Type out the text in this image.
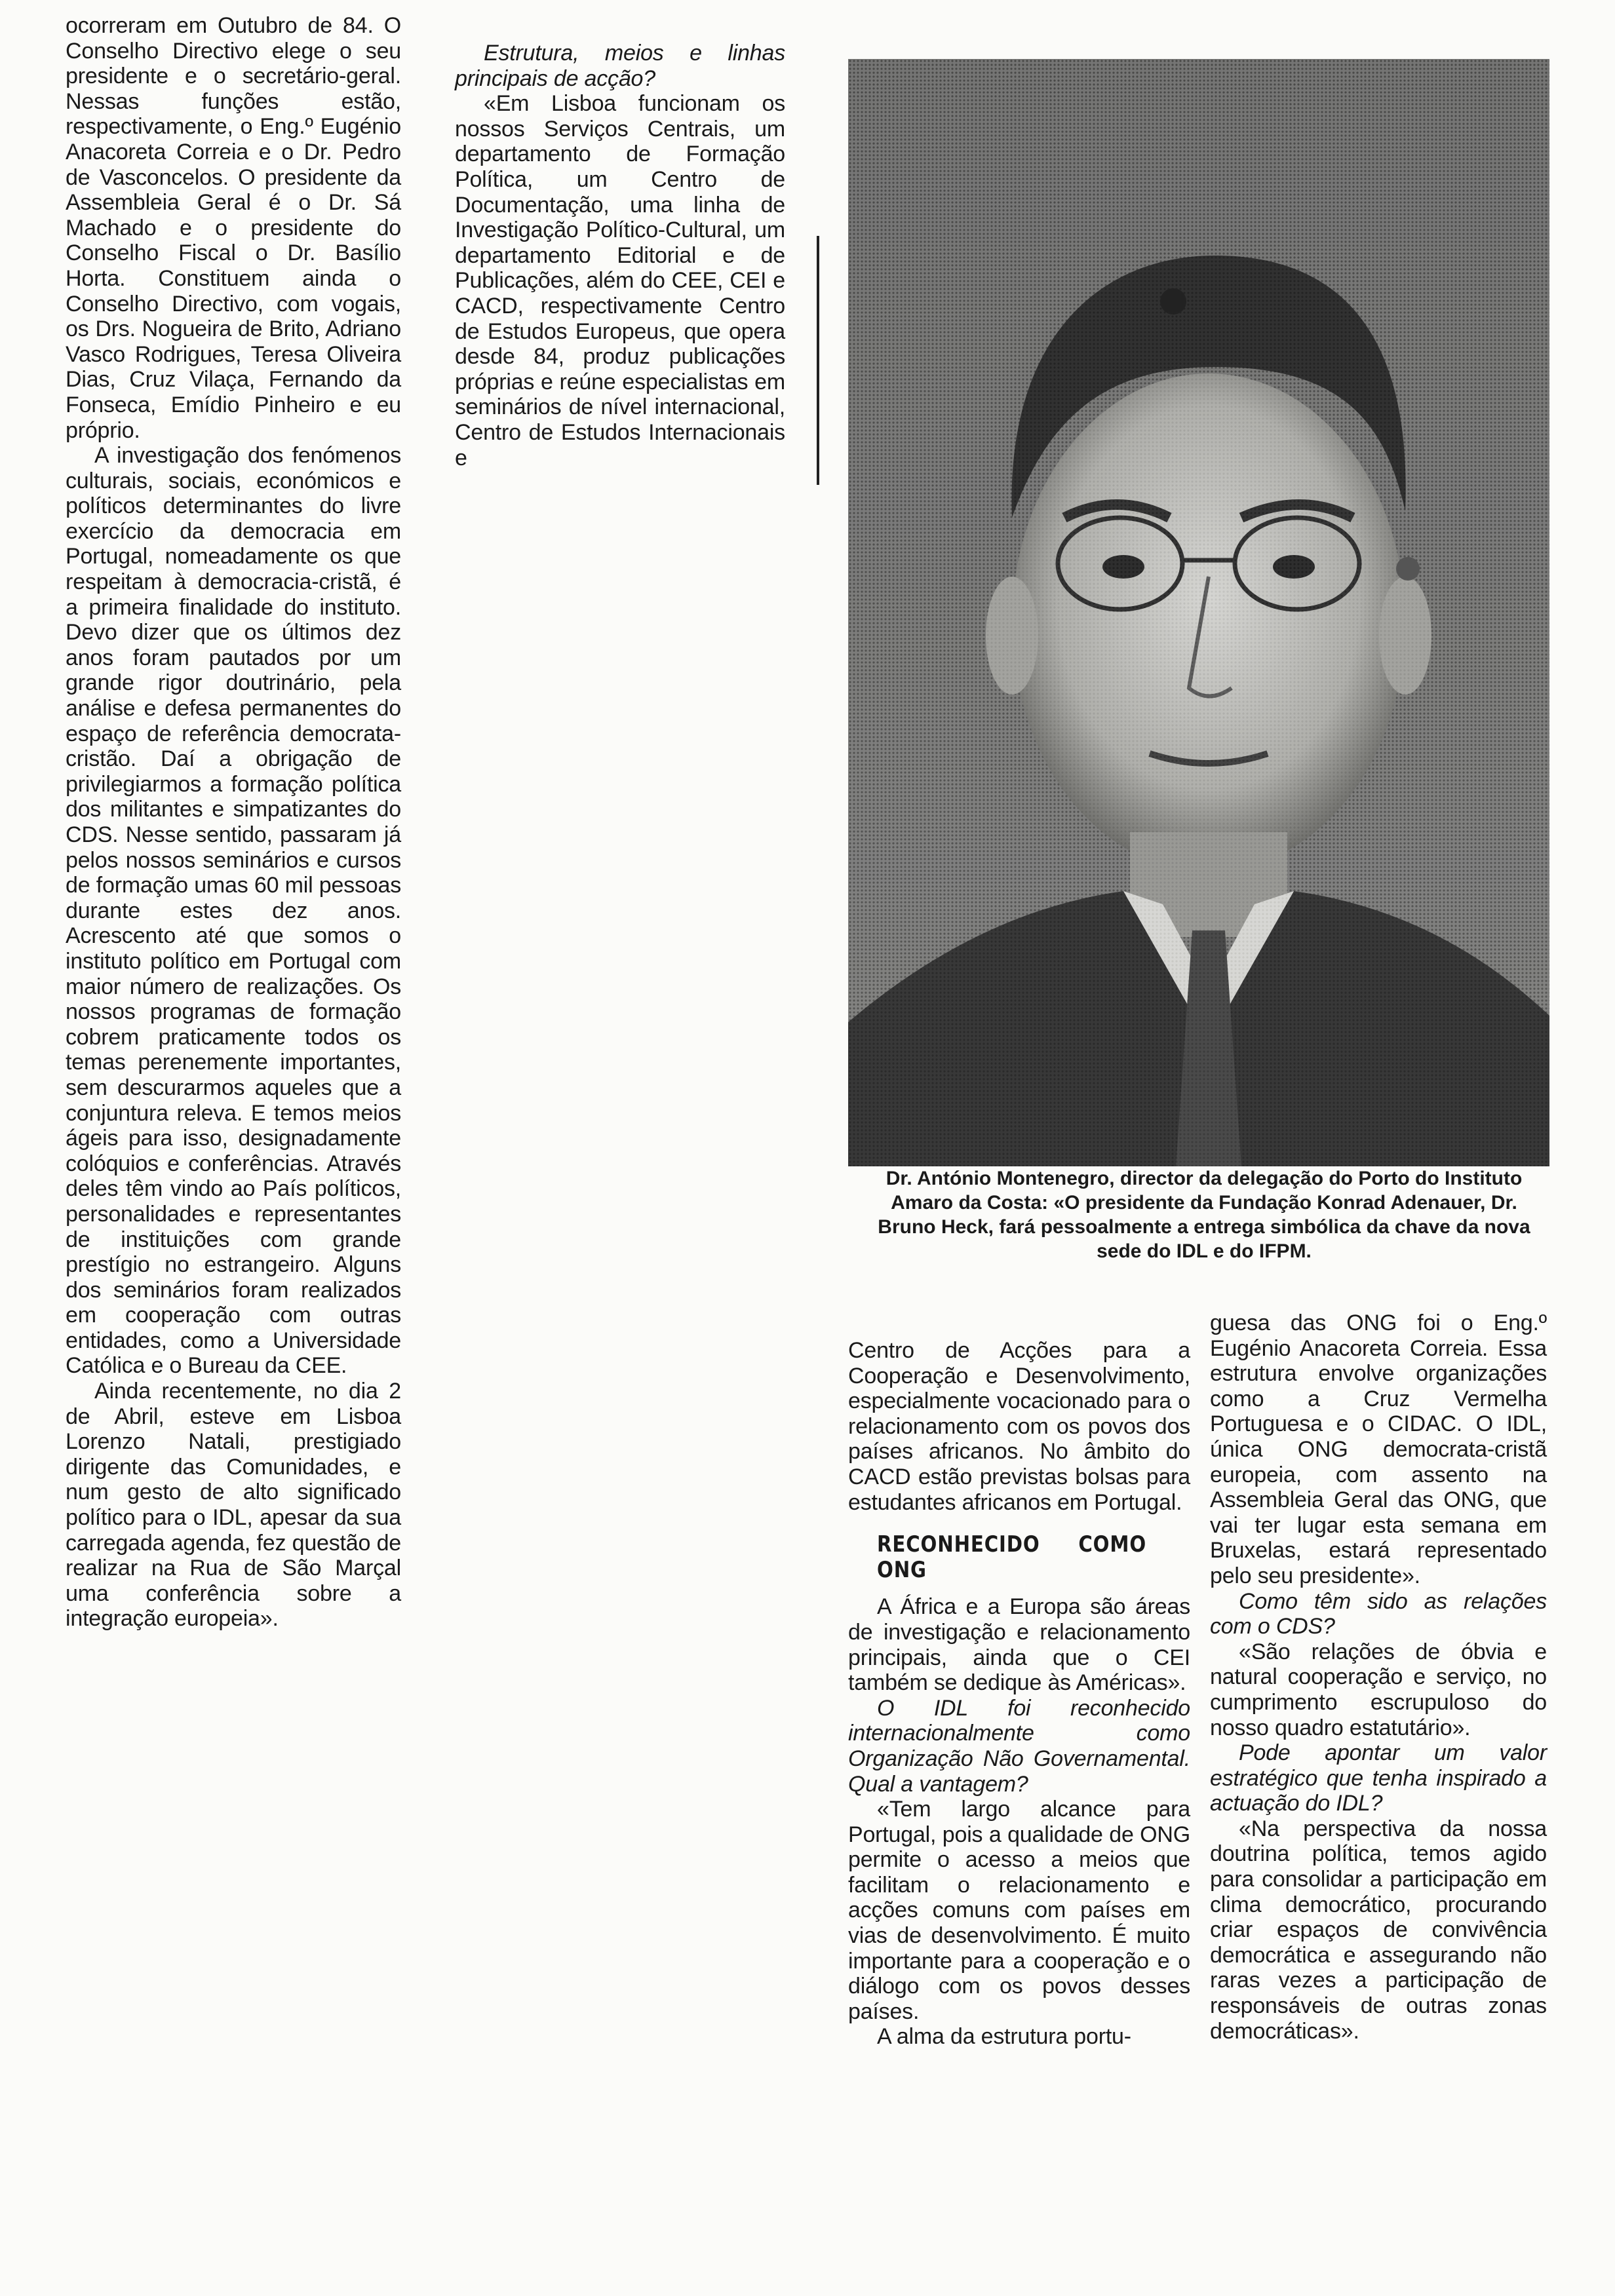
ocorreram em Outubro de 84. O Conselho Directivo elege o seu presidente e o secretário-geral. Nessas funções estão, respectivamente, o Eng.º Eugénio Anacoreta Correia e o Dr. Pedro de Vasconcelos. O presidente da Assembleia Geral é o Dr. Sá Machado e o presidente do Conselho Fiscal o Dr. Basílio Horta. Constituem ainda o Conselho Directivo, com vogais, os Drs. Nogueira de Brito, Adriano Vasco Rodrigues, Teresa Oliveira Dias, Cruz Vilaça, Fernando da Fonseca, Emídio Pinheiro e eu próprio.

A investigação dos fenómenos culturais, sociais, económicos e políticos determinantes do livre exercício da democracia em Portugal, nomeadamente os que respeitam à democracia-cristã, é a primeira finalidade do instituto. Devo dizer que os últimos dez anos foram pautados por um grande rigor doutrinário, pela análise e defesa permanentes do espaço de referência democrata-cristão. Daí a obrigação de privilegiarmos a formação política dos militantes e simpatizantes do CDS. Nesse sentido, passaram já pelos nossos seminários e cursos de formação umas 60 mil pessoas durante estes dez anos. Acrescento até que somos o instituto político em Portugal com maior número de realizações. Os nossos programas de formação cobrem praticamente todos os temas perenemente importantes, sem descurarmos aqueles que a conjuntura releva. E temos meios ágeis para isso, designadamente colóquios e conferências. Através deles têm vindo ao País políticos, personalidades e representantes de instituições com grande prestígio no estrangeiro. Alguns dos seminários foram realizados em cooperação com outras entidades, como a Universidade Católica e o Bureau da CEE.

Ainda recentemente, no dia 2 de Abril, esteve em Lisboa Lorenzo Natali, prestigiado dirigente das Comunidades, e num gesto de alto significado político para o IDL, apesar da sua carregada agenda, fez questão de realizar na Rua de São Marçal uma conferência sobre a integração europeia».

Estrutura, meios e linhas principais de acção?

«Em Lisboa funcionam os nossos Serviços Centrais, um departamento de Formação Política, um Centro de Documentação, uma linha de Investigação Político-Cultural, um departamento Editorial e de Publicações, além do CEE, CEI e CACD, respectivamente Centro de Estudos Europeus, que opera desde 84, produz publicações próprias e reúne especialistas em seminários de nível internacional, Centro de Estudos Internacionais e

Dr. António Montenegro, director da delegação do Porto do Instituto Amaro da Costa: «O presidente da Fundação Konrad Adenauer, Dr. Bruno Heck, fará pessoalmente a entrega simbólica da chave da nova sede do IDL e do IFPM.

Centro de Acções para a Cooperação e Desenvolvimento, especialmente vocacionado para o relacionamento com os povos dos países africanos. No âmbito do CACD estão previstas bolsas para estudantes africanos em Portugal.

RECONHECIDO COMO ONG

A África e a Europa são áreas de investigação e relacionamento principais, ainda que o CEI também se dedique às Américas».

O IDL foi reconhecido internacionalmente como Organização Não Governamental. Qual a vantagem?

«Tem largo alcance para Portugal, pois a qualidade de ONG permite o acesso a meios que facilitam o relacionamento e acções comuns com países em vias de desenvolvimento. É muito importante para a cooperação e o diálogo com os povos desses países.

A alma da estrutura portu-

guesa das ONG foi o Eng.º Eugénio Anacoreta Correia. Essa estrutura envolve organizações como a Cruz Vermelha Portuguesa e o CIDAC. O IDL, única ONG democrata-cristã europeia, com assento na Assembleia Geral das ONG, que vai ter lugar esta semana em Bruxelas, estará representado pelo seu presidente».

Como têm sido as relações com o CDS?

«São relações de óbvia e natural cooperação e serviço, no cumprimento escrupuloso do nosso quadro estatutário».

Pode apontar um valor estratégico que tenha inspirado a actuação do IDL?

«Na perspectiva da nossa doutrina política, temos agido para consolidar a participação em clima democrático, procurando criar espaços de convivência democrática e assegurando não raras vezes a participação de responsáveis de outras zonas democráticas».
